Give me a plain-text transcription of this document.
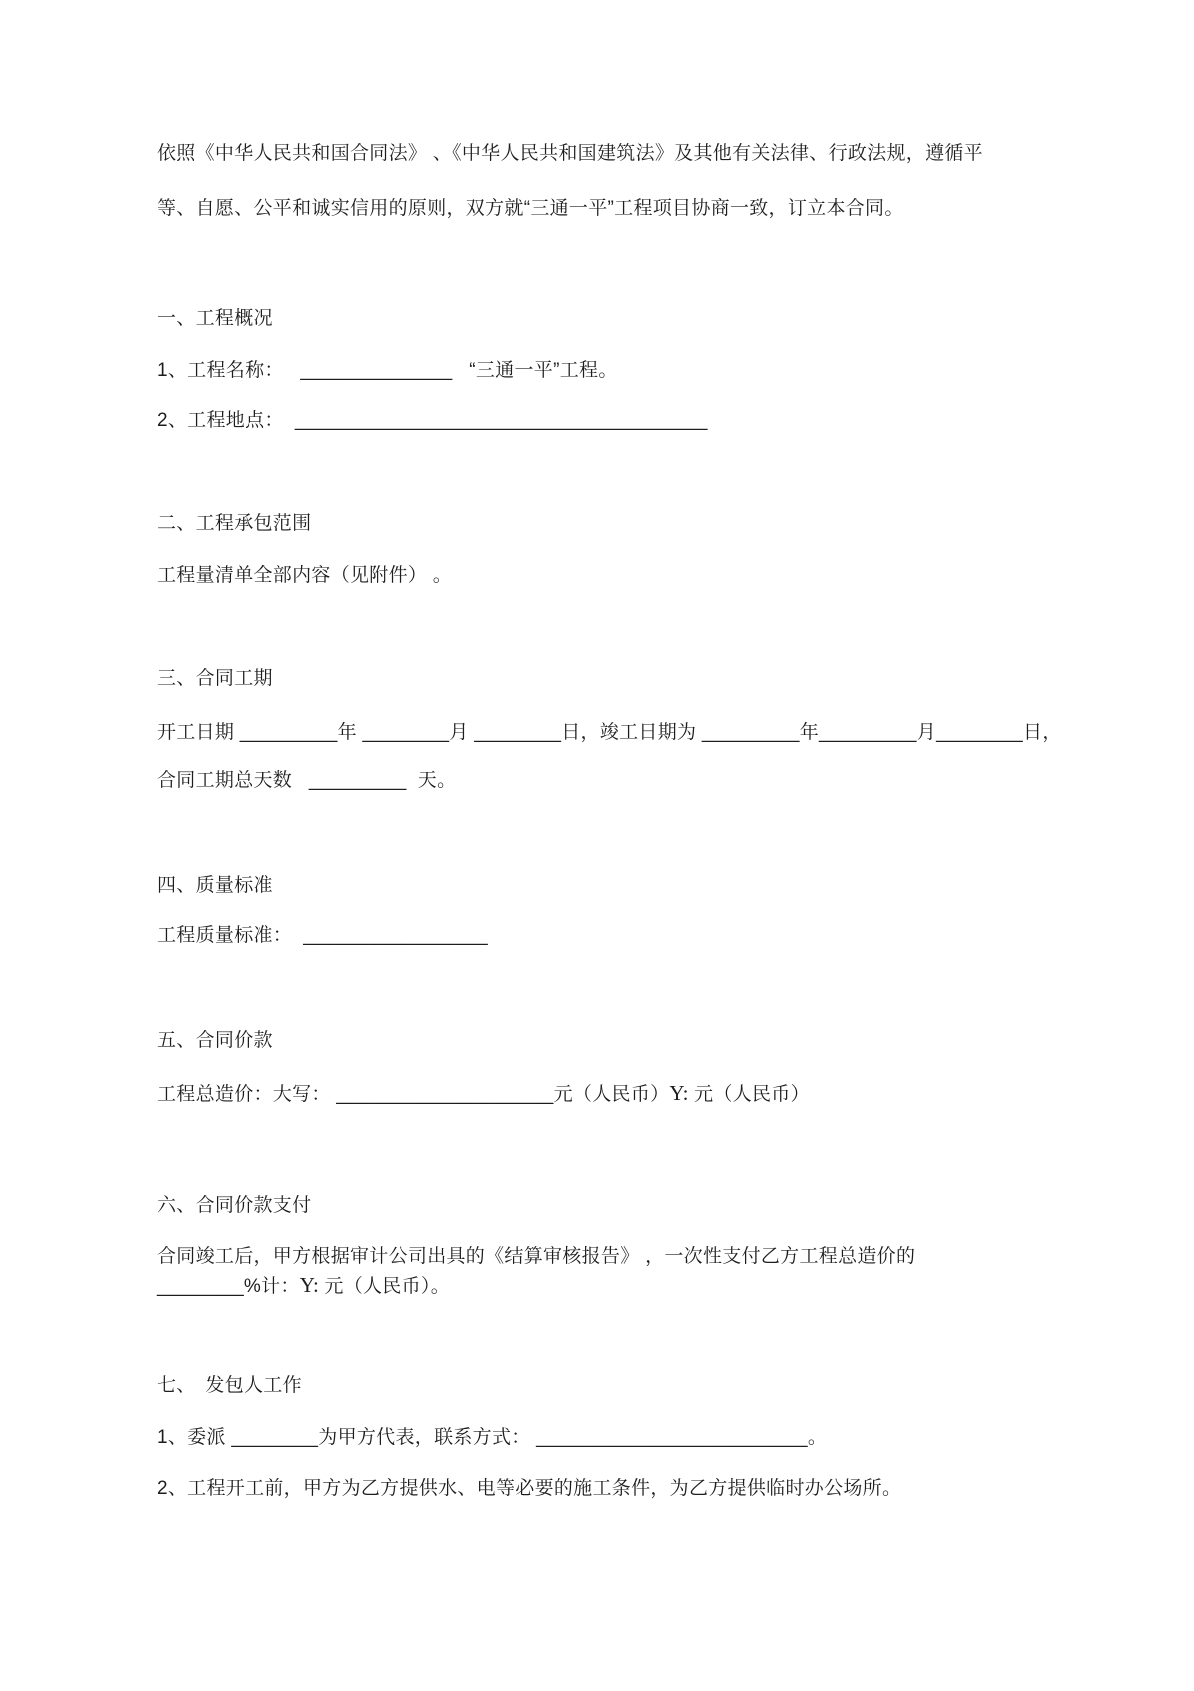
依照《中华人民共和国合同法》 、《中华人民共和国建筑法》及其他有关法律、行政法规，遵循平
等、自愿、公平和诚实信用的原则，双方就“三通一平”工程项目协商一致，订立本合同。
一、工程概况
1、工程名称：   ______________   “三通一平”工程。
2、工程地点：  ______________________________________
二、工程承包范围
工程量清单全部内容（见附件） 。
三、合同工期
开工日期 _________年 ________月 ________日，竣工日期为 _________年_________月________日，
合同工期总天数   _________  天。
四、质量标准
工程质量标准：  _________________
五、合同价款
工程总造价：大写： ____________________元（人民币）Y: 元（人民币）
六、合同价款支付
合同竣工后，甲方根据审计公司出具的《结算审核报告》 ，一次性支付乙方工程总造价的
________%计：Y: 元（人民币）。
七、　发包人工作
1、委派 ________为甲方代表，联系方式： _________________________。
2、工程开工前，甲方为乙方提供水、电等必要的施工条件，为乙方提供临时办公场所。
